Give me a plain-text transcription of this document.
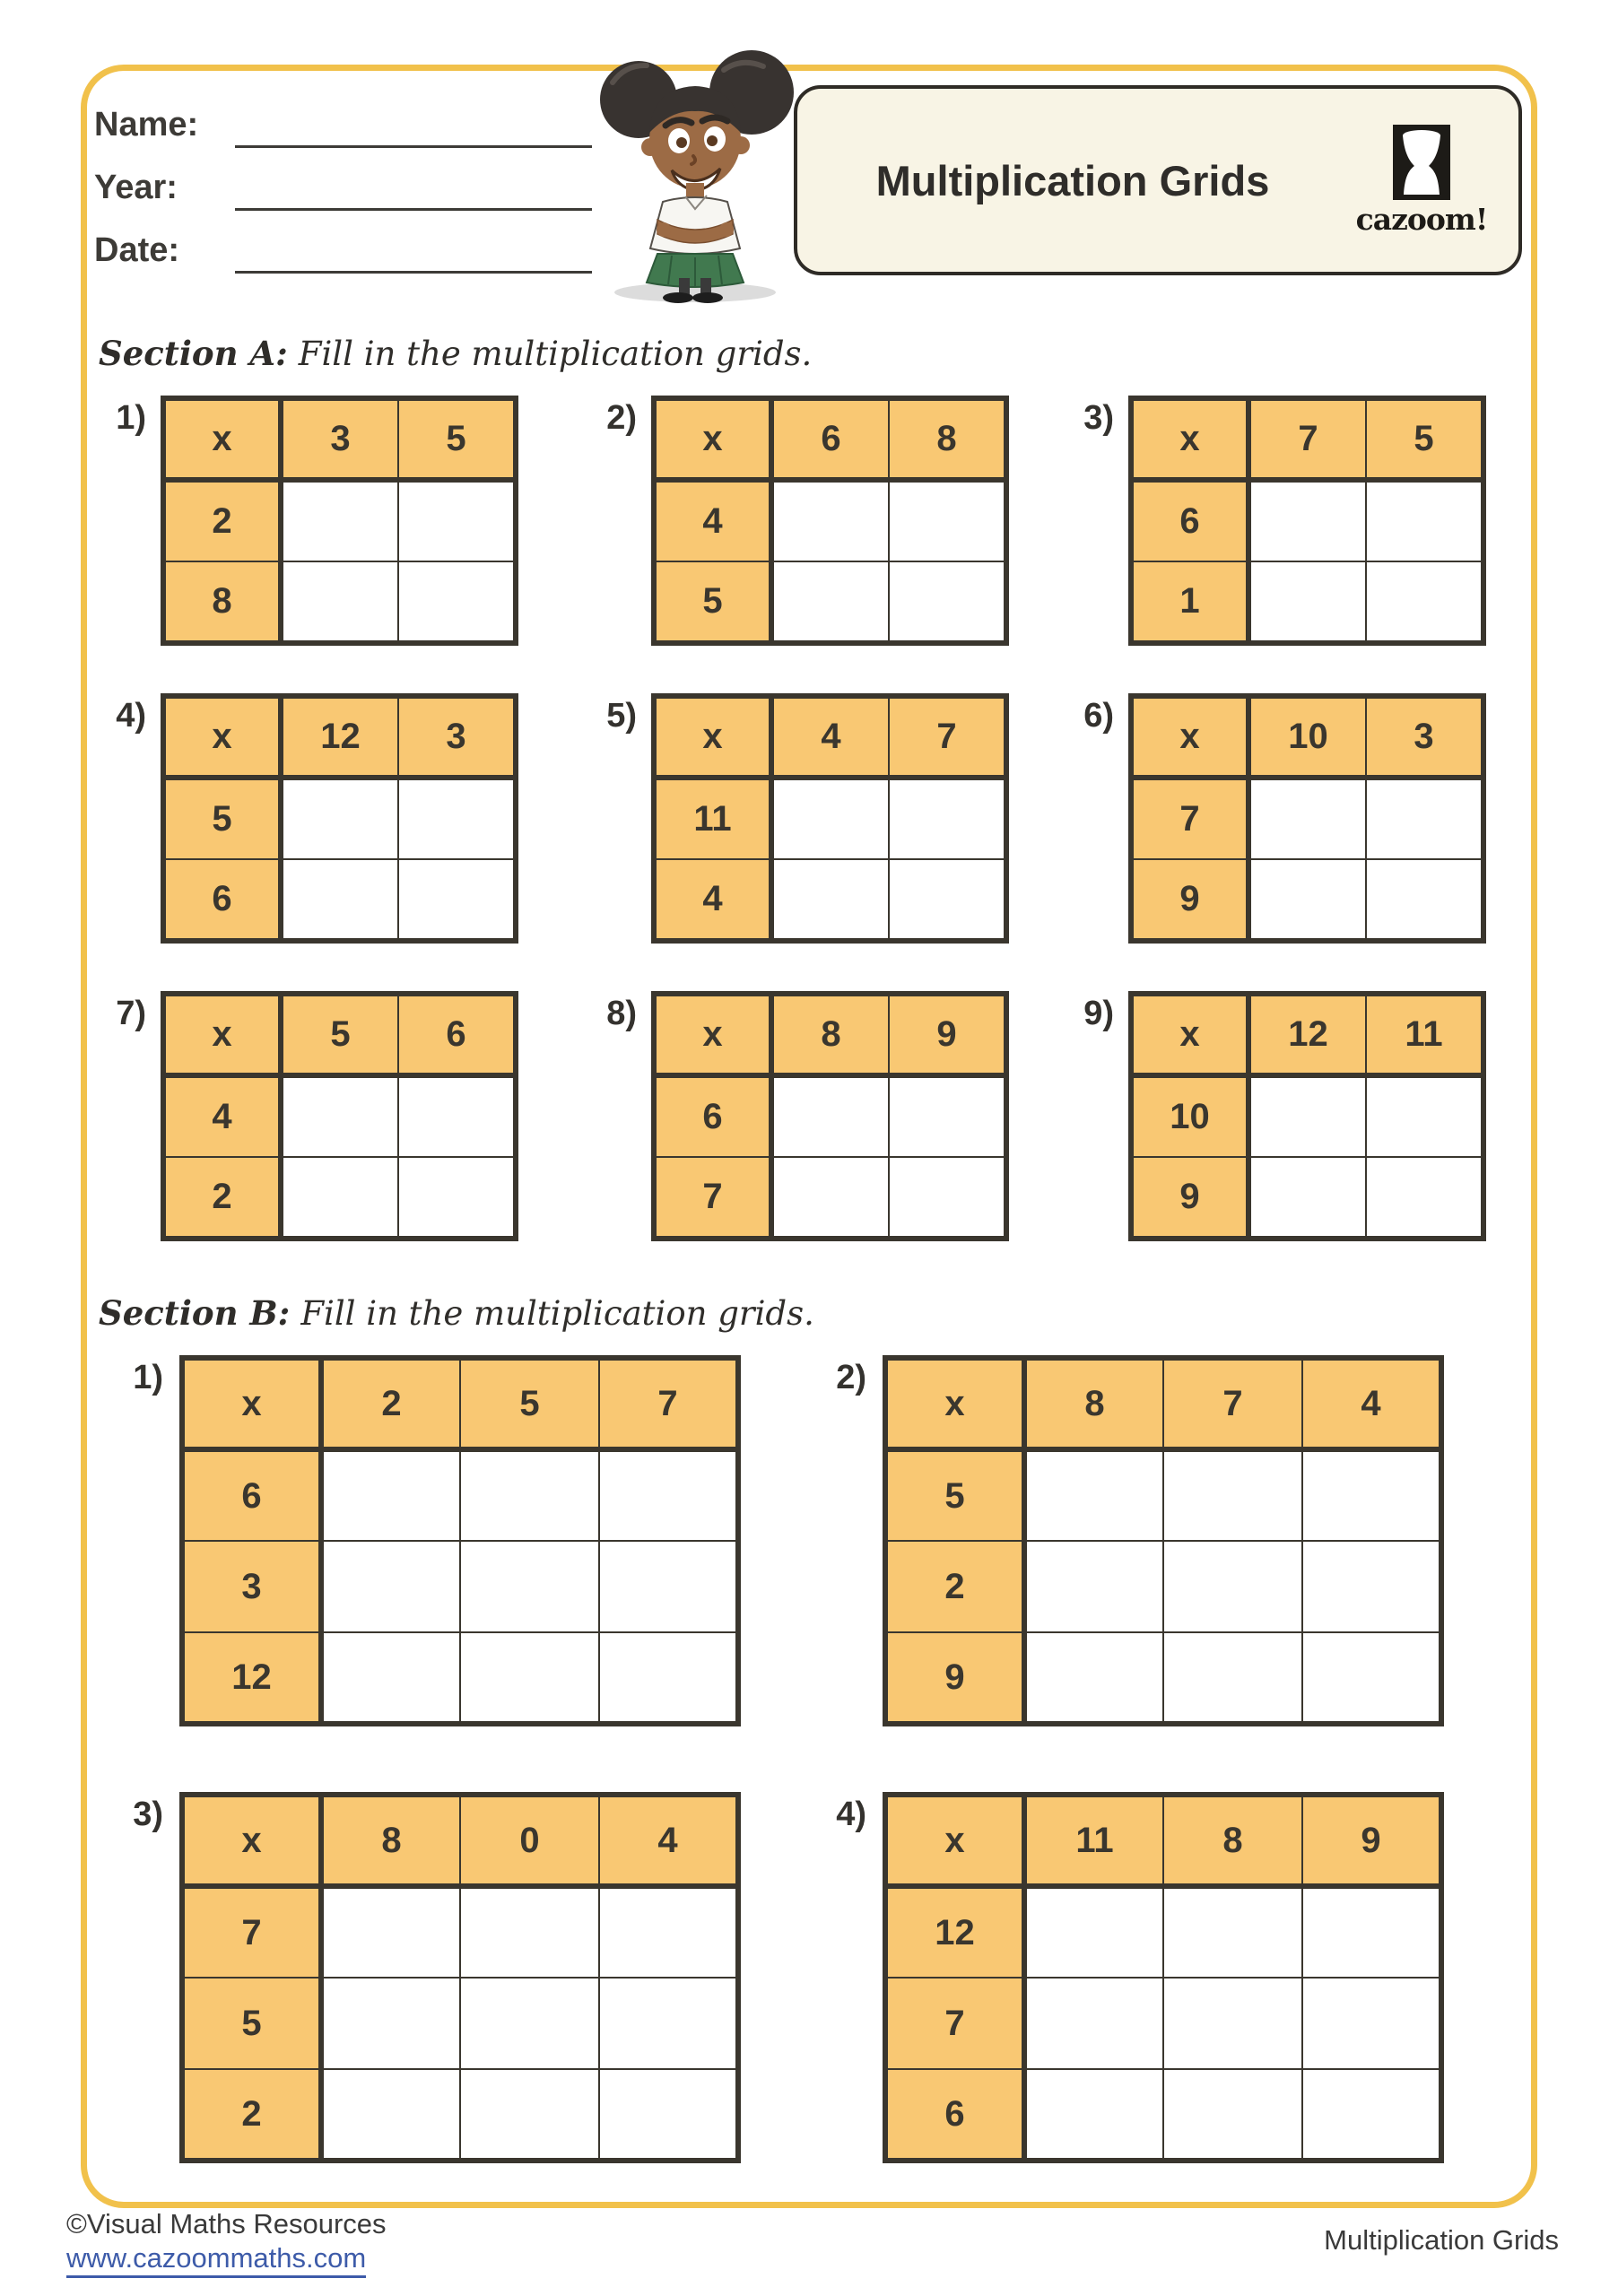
Name:
Year:
Date:
Multiplication Grids
cazoom!
Section A: Fill in the multiplication grids.
1)
x	3	5
2		
8		
2)
x	6	8
4		
5		
3)
x	7	5
6		
1		
4)
x	12	3
5		
6		
5)
x	4	7
11		
4		
6)
x	10	3
7		
9		
7)
x	5	6
4		
2		
8)
x	8	9
6		
7		
9)
x	12	11
10		
9		
Section B: Fill in the multiplication grids.
1)
x	2	5	7
6			
3			
12			
2)
x	8	7	4
5			
2			
9			
3)
x	8	0	4
7			
5			
2			
4)
x	11	8	9
12			
7			
6			
©Visual Maths Resources
www.cazoommaths.com
Multiplication Grids
